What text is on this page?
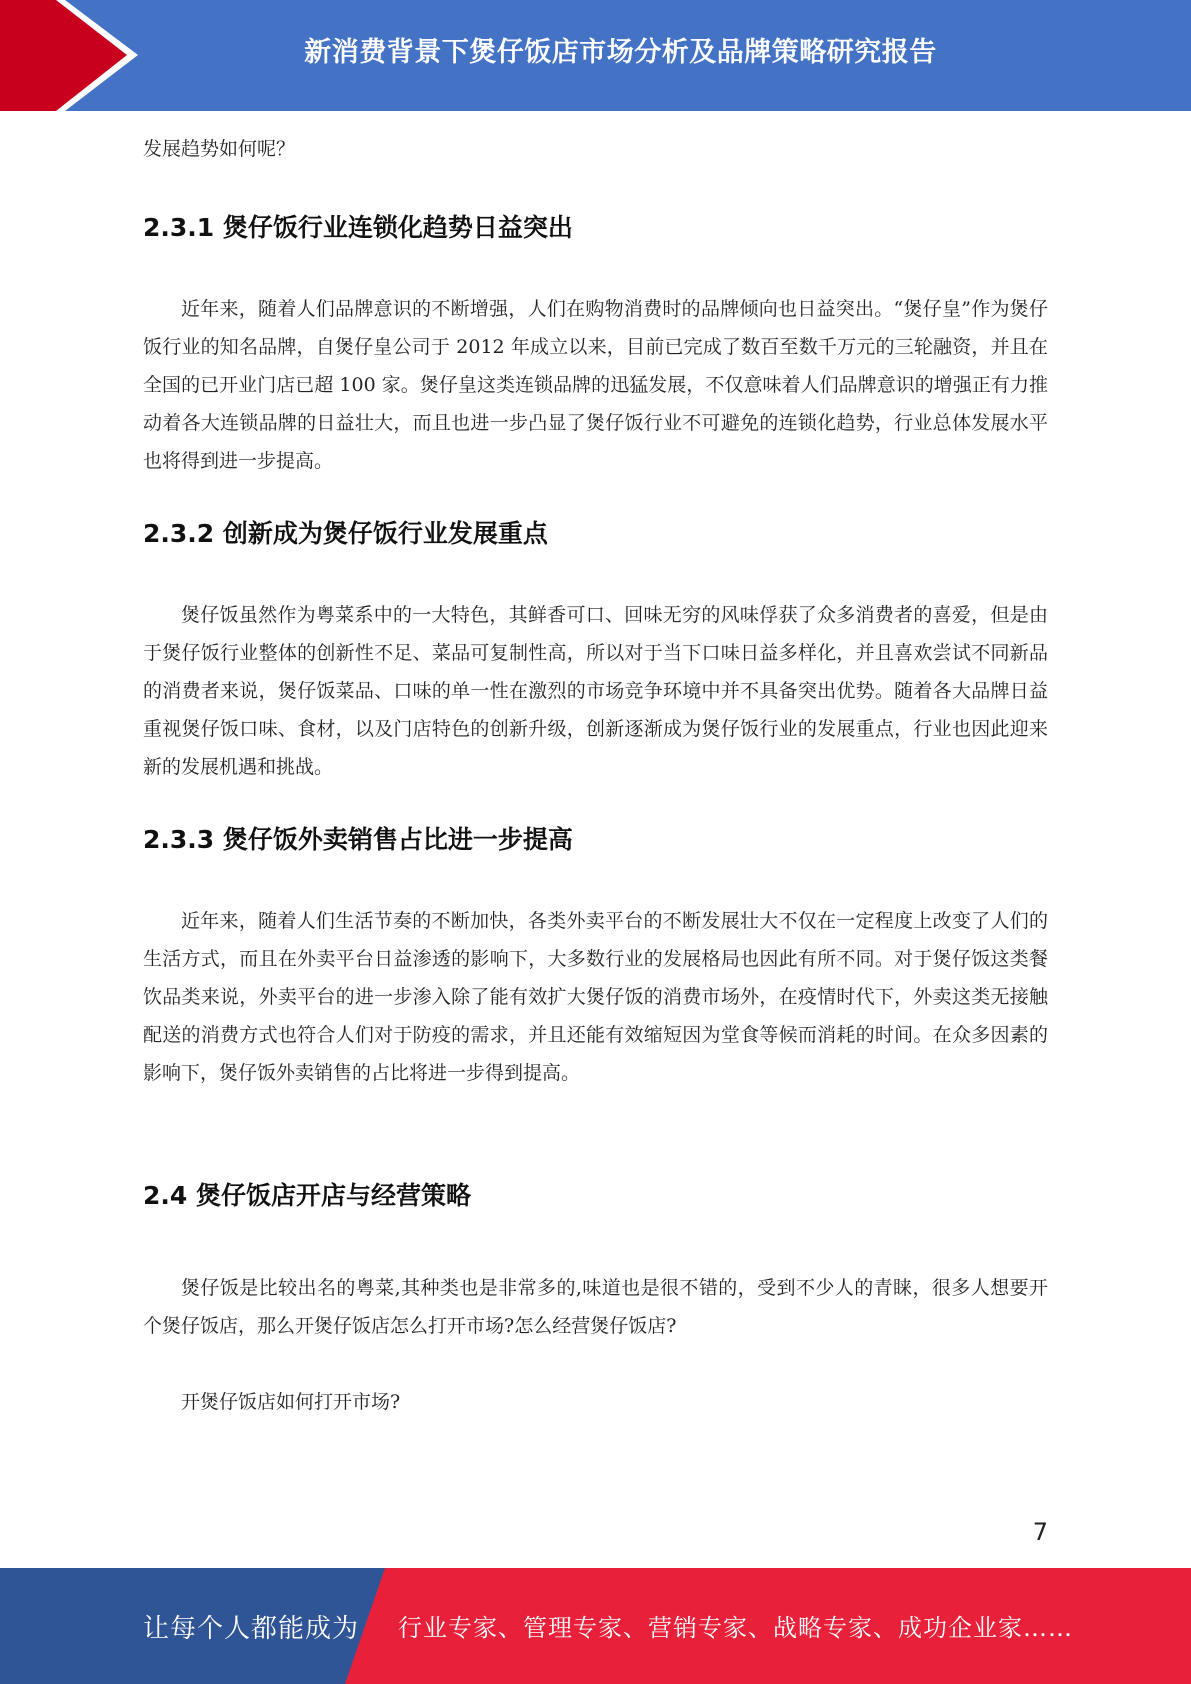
新消费背景下煲仔饭店市场分析及品牌策略研究报告

发展趋势如何呢？

2.3.1 煲仔饭行业连锁化趋势日益突出

近年来，随着人们品牌意识的不断增强，人们在购物消费时的品牌倾向也日益突出。“煲仔皇”作为煲仔饭行业的知名品牌，自煲仔皇公司于 2012 年成立以来，目前已完成了数百至数千万元的三轮融资，并且在全国的已开业门店已超 100 家。煲仔皇这类连锁品牌的迅猛发展，不仅意味着人们品牌意识的增强正有力推动着各大连锁品牌的日益壮大，而且也进一步凸显了煲仔饭行业不可避免的连锁化趋势，行业总体发展水平也将得到进一步提高。

2.3.2 创新成为煲仔饭行业发展重点

煲仔饭虽然作为粤菜系中的一大特色，其鲜香可口、回味无穷的风味俘获了众多消费者的喜爱，但是由于煲仔饭行业整体的创新性不足、菜品可复制性高，所以对于当下口味日益多样化，并且喜欢尝试不同新品的消费者来说，煲仔饭菜品、口味的单一性在激烈的市场竞争环境中并不具备突出优势。随着各大品牌日益重视煲仔饭口味、食材，以及门店特色的创新升级，创新逐渐成为煲仔饭行业的发展重点，行业也因此迎来新的发展机遇和挑战。

2.3.3 煲仔饭外卖销售占比进一步提高

近年来，随着人们生活节奏的不断加快，各类外卖平台的不断发展壮大不仅在一定程度上改变了人们的生活方式，而且在外卖平台日益渗透的影响下，大多数行业的发展格局也因此有所不同。对于煲仔饭这类餐饮品类来说，外卖平台的进一步渗入除了能有效扩大煲仔饭的消费市场外，在疫情时代下，外卖这类无接触配送的消费方式也符合人们对于防疫的需求，并且还能有效缩短因为堂食等候而消耗的时间。在众多因素的影响下，煲仔饭外卖销售的占比将进一步得到提高。

2.4 煲仔饭店开店与经营策略

煲仔饭是比较出名的粤菜,其种类也是非常多的,味道也是很不错的，受到不少人的青睐，很多人想要开个煲仔饭店，那么开煲仔饭店怎么打开市场?怎么经营煲仔饭店?

开煲仔饭店如何打开市场?

7
让每个人都能成为 行业专家、管理专家、营销专家、战略专家、成功企业家……
